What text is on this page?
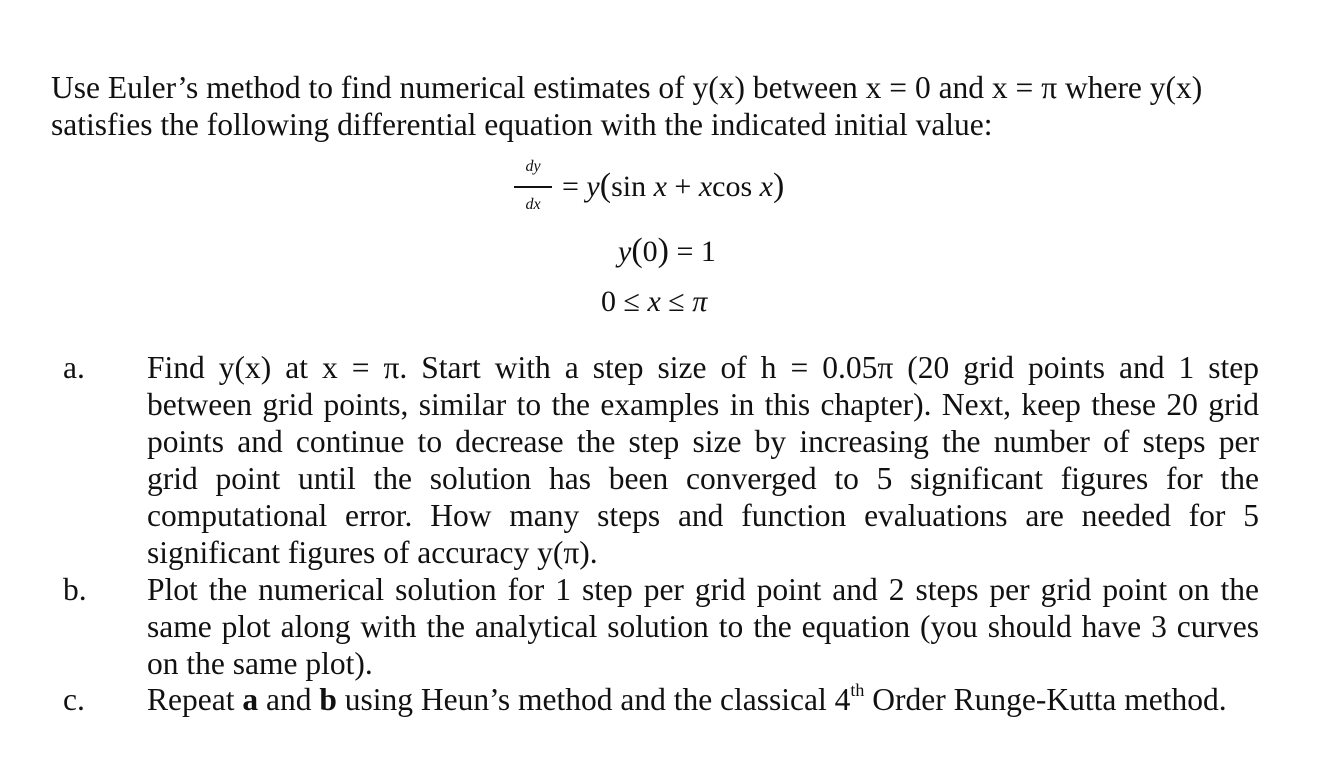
Use Euler’s method to find numerical estimates of y(x) between x = 0 and x = π where y(x)
satisfies the following differential equation with the indicated initial value:
dy
dx
= y(sin x + xcos x)
y(0) = 1
0 ≤ x ≤ π
a.	Find y(x) at x = π. Start with a step size of h = 0.05π (20 grid points and 1 step
between grid points, similar to the examples in this chapter). Next, keep these 20 grid
points and continue to decrease the step size by increasing the number of steps per
grid point until the solution has been converged to 5 significant figures for the
computational error. How many steps and function evaluations are needed for 5
significant figures of accuracy y(π).
b.	Plot the numerical solution for 1 step per grid point and 2 steps per grid point on the
same plot along with the analytical solution to the equation (you should have 3 curves
on the same plot).
c.	Repeat a and b using Heun’s method and the classical 4th Order Runge-Kutta method.
